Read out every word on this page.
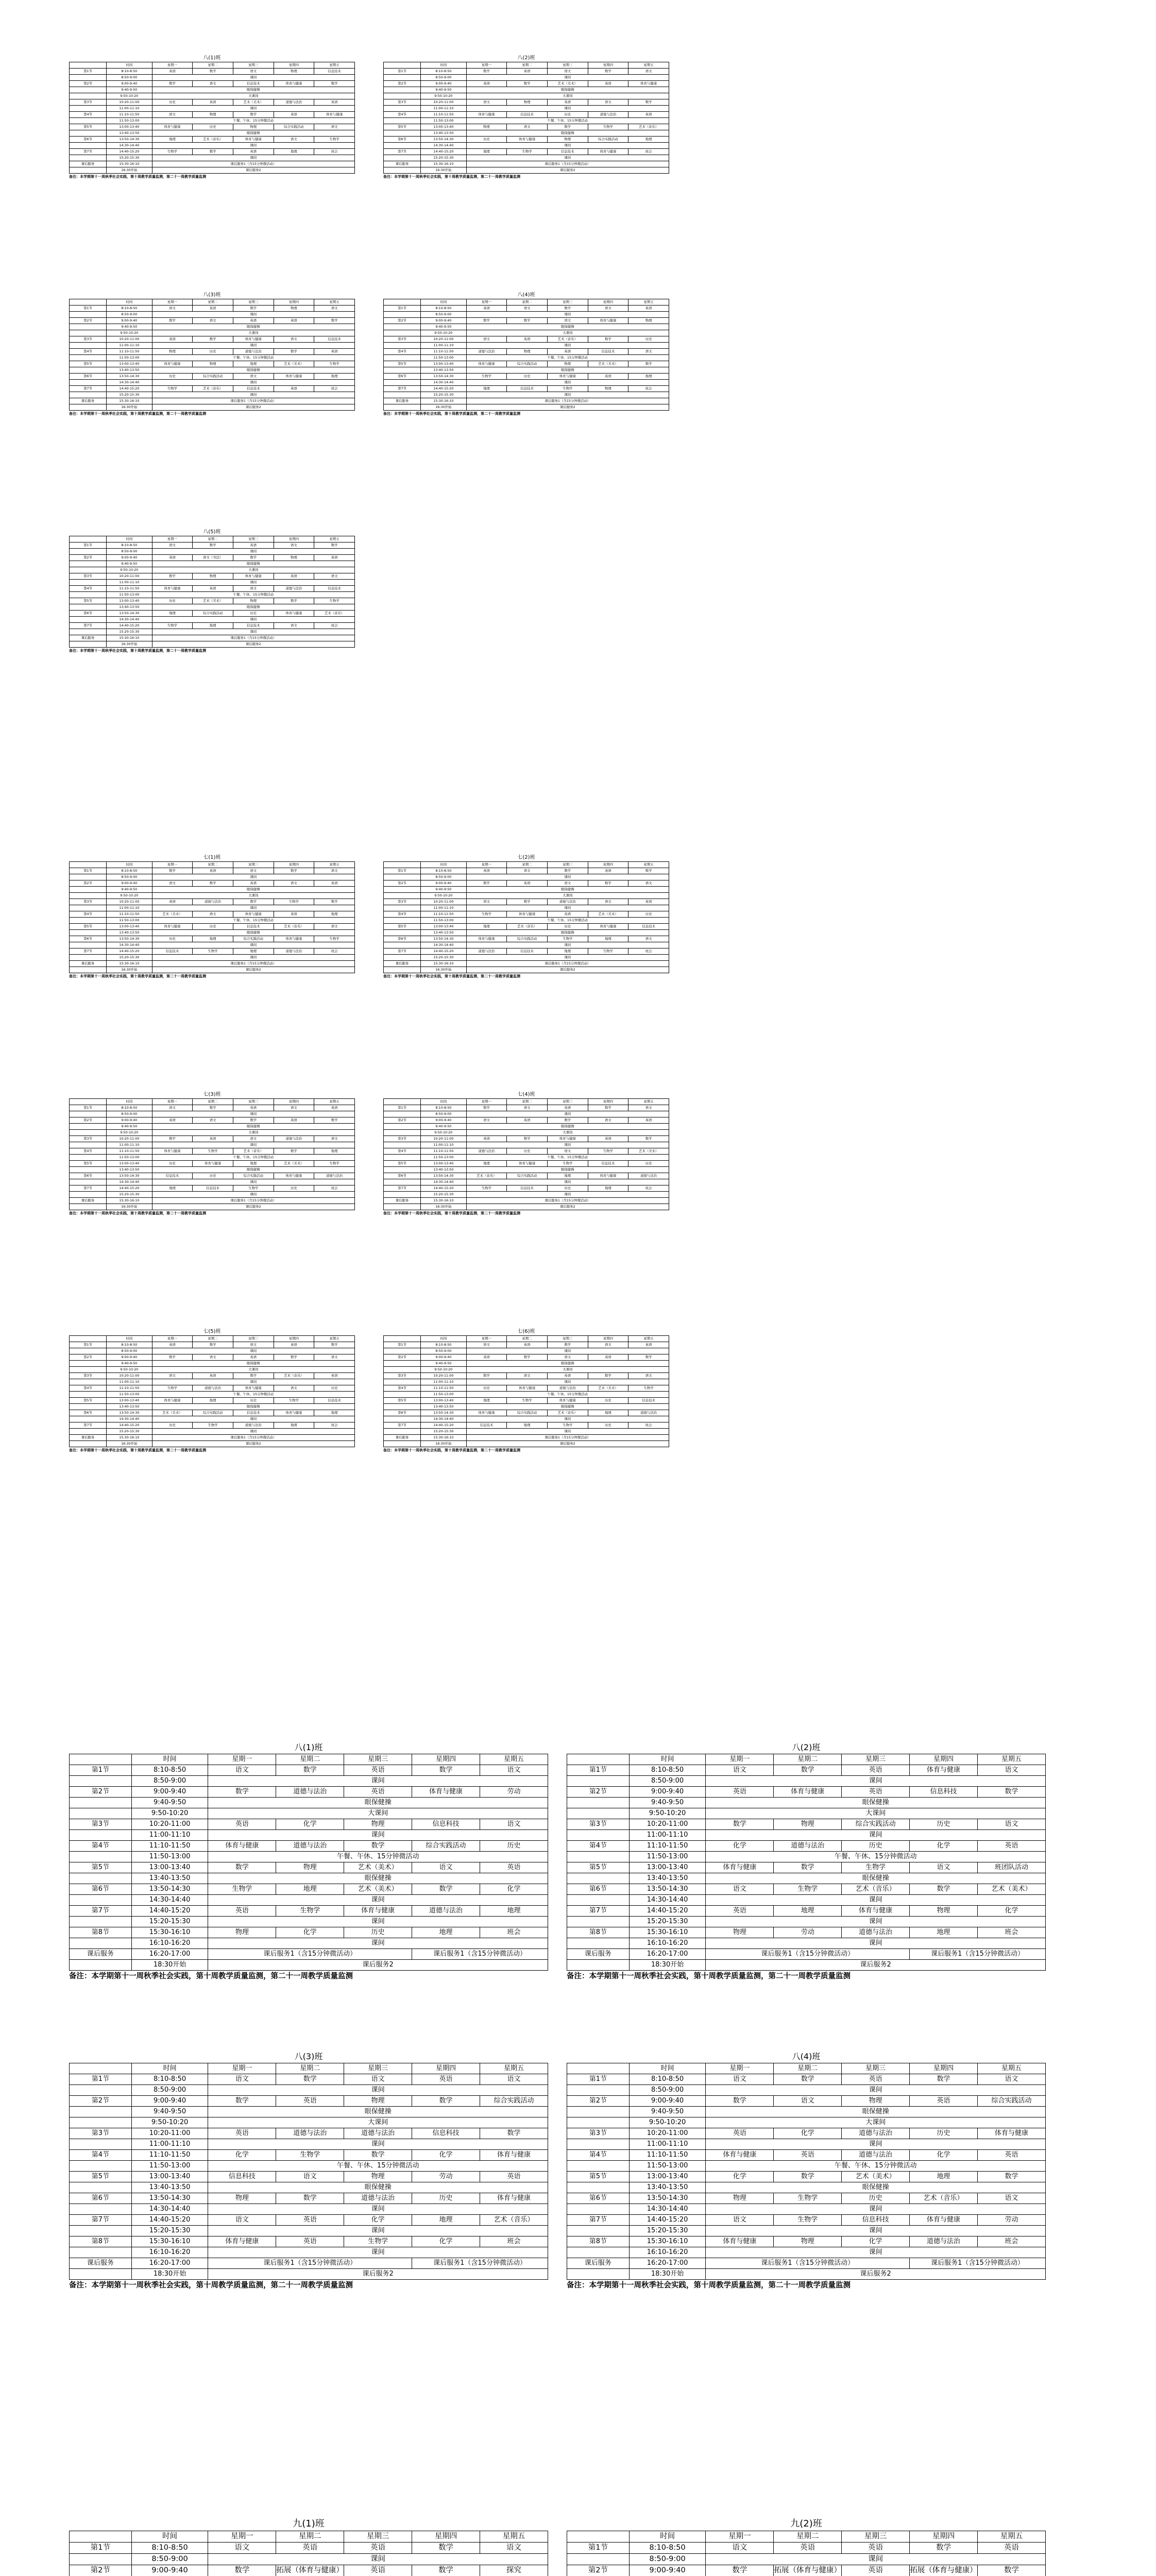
八(1)班
	时间	星期一	星期二	星期三	星期四	星期五
第1节	8:10-8:50	英语	数学	语文	物理	信息技术
	8:50-9:00	课间				
第2节	9:00-9:40	数学	语文	信息技术	体育与健康	数学
	9:40-9:50	眼保健操				
	9:50-10:20	大课间				
第3节	10:20-11:00	历史	英语	艺术（美术）	道德与法治	英语
	11:00-11:10	课间				
第4节	11:10-11:50	语文	物理	数学	英语	体育与健康
	11:50-13:00	午餐、午休、15分钟微活动				
第5节	13:00-13:40	体育与健康	历史	物理	综合实践活动	语文
	13:40-13:50	眼保健操				
第6节	13:50-14:30	地理	艺术（音乐）	体育与健康	语文	生物学
	14:30-14:40	课间				
第7节	14:40-15:20	生物学	数学	英语	地理	班会
	15:20-15:30	课间				
课后服务	15:30-16:10	课后服务1（含15分钟微活动）				
	16:30开始	课后服务2				
备注：本学期第十一周秋季社会实践，第十周教学质量监测，第二十一周教学质量监测
八(2)班
	时间	星期一	星期二	星期三	星期四	星期五
第1节	8:10-8:50	数学	英语	语文	数学	语文
	8:50-9:00	课间				
第2节	9:00-9:40	英语	数学	艺术（美术）	英语	体育与健康
	9:40-9:50	眼保健操				
	9:50-10:20	大课间				
第3节	10:20-11:00	语文	物理	英语	语文	数学
	11:00-11:10	课间				
第4节	11:10-11:50	体育与健康	信息技术	历史	道德与法治	英语
	11:50-13:00	午餐、午休、15分钟微活动				
第5节	13:00-13:40	物理	语文	数学	生物学	艺术（音乐）
	13:40-13:50	眼保健操				
第6节	13:50-14:30	历史	体育与健康	物理	综合实践活动	地理
	14:30-14:40	课间				
第7节	14:40-15:20	地理	生物学	信息技术	体育与健康	班会
	15:20-15:30	课间				
课后服务	15:30-16:10	课后服务1（含15分钟微活动）				
	16:30开始	课后服务2				
备注：本学期第十一周秋季社会实践，第十周教学质量监测，第二十一周教学质量监测
八(3)班
	时间	星期一	星期二	星期三	星期四	星期五
第1节	8:10-8:50	语文	英语	数学	物理	语文
	8:50-9:00	课间				
第2节	9:00-9:40	数学	语文	英语	英语	数学
	9:40-9:50	眼保健操				
	9:50-10:20	大课间				
第3节	10:20-11:00	英语	数学	体育与健康	语文	信息技术
	11:00-11:10	课间				
第4节	11:10-11:50	物理	历史	道德与法治	数学	英语
	11:50-13:00	午餐、午休、15分钟微活动				
第5节	13:00-13:40	体育与健康	物理	地理	艺术（美术）	生物学
	13:40-13:50	眼保健操				
第6节	13:50-14:30	历史	综合实践活动	语文	体育与健康	地理
	14:30-14:40	课间				
第7节	14:40-15:20	生物学	艺术（音乐）	信息技术	英语	班会
	15:20-15:30	课间				
课后服务	15:30-16:10	课后服务1（含15分钟微活动）				
	16:30开始	课后服务2				
备注：本学期第十一周秋季社会实践，第十周教学质量监测，第二十一周教学质量监测
八(4)班
	时间	星期一	星期二	星期三	星期四	星期五
第1节	8:10-8:50	英语	语文	数学	语文	英语
	8:50-9:00	课间				
第2节	9:00-9:40	数学	数学	语文	体育与健康	物理
	9:40-9:50	眼保健操				
	9:50-10:20	大课间				
第3节	10:20-11:00	语文	英语	艺术（音乐）	数学	历史
	11:00-11:10	课间				
第4节	11:10-11:50	道德与法治	物理	英语	信息技术	语文
	11:50-13:00	午餐、午休、15分钟微活动				
第5节	13:00-13:40	体育与健康	综合实践活动	物理	艺术（美术）	数学
	13:40-13:50	眼保健操				
第6节	13:50-14:30	生物学	历史	体育与健康	英语	地理
	14:30-14:40	课间				
第7节	14:40-15:20	地理	信息技术	生物学	物理	班会
	15:20-15:30	课间				
课后服务	15:30-16:10	课后服务1（含15分钟微活动）				
	16:30开始	课后服务2				
备注：本学期第十一周秋季社会实践，第十周教学质量监测，第二十一周教学质量监测
八(5)班
	时间	星期一	星期二	星期三	星期四	星期五
第1节	8:10-8:50	语文	数学	英语	语文	数学
	8:50-9:00	课间				
第2节	9:00-9:40	英语	语文（书法）	数学	物理	英语
	9:40-9:50	眼保健操				
	9:50-10:20	大课间				
第3节	10:20-11:00	数学	物理	体育与健康	英语	语文
	11:00-11:10	课间				
第4节	11:10-11:50	体育与健康	英语	语文	道德与法治	信息技术
	11:50-13:00	午餐、午休、15分钟微活动				
第5节	13:00-13:40	历史	艺术（美术）	物理	数学	生物学
	13:40-13:50	眼保健操				
第6节	13:50-14:30	地理	综合实践活动	历史	体育与健康	艺术（音乐）
	14:30-14:40	课间				
第7节	14:40-15:20	生物学	地理	信息技术	语文	班会
	15:20-15:30	课间				
课后服务	15:30-16:10	课后服务1（含15分钟微活动）				
	16:30开始	课后服务2				
备注：本学期第十一周秋季社会实践，第十周教学质量监测，第二十一周教学质量监测
七(1)班
	时间	星期一	星期二	星期三	星期四	星期五
第1节	8:10-8:50	数学	英语	语文	数学	语文
	8:50-9:00	课间				
第2节	9:00-9:40	语文	数学	英语	语文	英语
	9:40-9:50	眼保健操				
	9:50-10:20	大课间				
第3节	10:20-11:00	英语	道德与法治	数学	生物学	数学
	11:00-11:10	课间				
第4节	11:10-11:50	艺术（美术）	语文	体育与健康	英语	地理
	11:50-13:00	午餐、午休、15分钟微活动				
第5节	13:00-13:40	体育与健康	历史	信息技术	艺术（音乐）	语文
	13:40-13:50	眼保健操				
第6节	13:50-14:30	历史	地理	综合实践活动	体育与健康	生物学
	14:30-14:40	课间				
第7节	14:40-15:20	信息技术	生物学	地理	道德与法治	班会
	15:20-15:30	课间				
课后服务	15:30-16:10	课后服务1（含15分钟微活动）				
	16:30开始	课后服务2				
备注：本学期第十一周秋季社会实践，第十周教学质量监测，第二十一周教学质量监测
七(2)班
	时间	星期一	星期二	星期三	星期四	星期五
第1节	8:10-8:50	英语	语文	数学	英语	数学
	8:50-9:00	课间				
第2节	9:00-9:40	数学	英语	语文	数学	语文
	9:40-9:50	眼保健操				
	9:50-10:20	大课间				
第3节	10:20-11:00	语文	数学	道德与法治	语文	英语
	11:00-11:10	课间				
第4节	11:10-11:50	生物学	体育与健康	英语	艺术（美术）	历史
	11:50-13:00	午餐、午休、15分钟微活动				
第5节	13:00-13:40	地理	艺术（音乐）	历史	体育与健康	信息技术
	13:40-13:50	眼保健操				
第6节	13:50-14:30	体育与健康	综合实践活动	生物学	地理	语文
	14:30-14:40	课间				
第7节	14:40-15:20	道德与法治	信息技术	地理	生物学	班会
	15:20-15:30	课间				
课后服务	15:30-16:10	课后服务1（含15分钟微活动）				
	16:30开始	课后服务2				
备注：本学期第十一周秋季社会实践，第十周教学质量监测，第二十一周教学质量监测
七(3)班
	时间	星期一	星期二	星期三	星期四	星期五
第1节	8:10-8:50	语文	数学	英语	语文	英语
	8:50-9:00	课间				
第2节	9:00-9:40	英语	语文	数学	英语	数学
	9:40-9:50	眼保健操				
	9:50-10:20	大课间				
第3节	10:20-11:00	数学	英语	语文	道德与法治	语文
	11:00-11:10	课间				
第4节	11:10-11:50	体育与健康	生物学	艺术（音乐）	数学	地理
	11:50-13:00	午餐、午休、15分钟微活动				
第5节	13:00-13:40	历史	体育与健康	地理	艺术（美术）	生物学
	13:40-13:50	眼保健操				
第6节	13:50-14:30	信息技术	历史	综合实践活动	体育与健康	道德与法治
	14:30-14:40	课间				
第7节	14:40-15:20	地理	信息技术	生物学	历史	班会
	15:20-15:30	课间				
课后服务	15:30-16:10	课后服务1（含15分钟微活动）				
	16:30开始	课后服务2				
备注：本学期第十一周秋季社会实践，第十周教学质量监测，第二十一周教学质量监测
七(4)班
	时间	星期一	星期二	星期三	星期四	星期五
第1节	8:10-8:50	数学	语文	英语	数学	语文
	8:50-9:00	课间				
第2节	9:00-9:40	语文	英语	数学	语文	英语
	9:40-9:50	眼保健操				
	9:50-10:20	大课间				
第3节	10:20-11:00	英语	数学	体育与健康	英语	数学
	11:00-11:10	课间				
第4节	11:10-11:50	道德与法治	历史	语文	生物学	艺术（美术）
	11:50-13:00	午餐、午休、15分钟微活动				
第5节	13:00-13:40	地理	体育与健康	生物学	信息技术	历史
	13:40-13:50	眼保健操				
第6节	13:50-14:30	艺术（音乐）	综合实践活动	地理	体育与健康	道德与法治
	14:30-14:40	课间				
第7节	14:40-15:20	生物学	信息技术	历史	地理	班会
	15:20-15:30	课间				
课后服务	15:30-16:10	课后服务1（含15分钟微活动）				
	16:30开始	课后服务2				
备注：本学期第十一周秋季社会实践，第十周教学质量监测，第二十一周教学质量监测
七(5)班
	时间	星期一	星期二	星期三	星期四	星期五
第1节	8:10-8:50	英语	数学	语文	英语	数学
	8:50-9:00	课间				
第2节	9:00-9:40	数学	语文	英语	数学	语文
	9:40-9:50	眼保健操				
	9:50-10:20	大课间				
第3节	10:20-11:00	语文	英语	数学	艺术（音乐）	英语
	11:00-11:10	课间				
第4节	11:10-11:50	生物学	道德与法治	体育与健康	语文	历史
	11:50-13:00	午餐、午休、15分钟微活动				
第5节	13:00-13:40	体育与健康	地理	历史	生物学	信息技术
	13:40-13:50	眼保健操				
第6节	13:50-14:30	艺术（美术）	综合实践活动	信息技术	体育与健康	地理
	14:30-14:40	课间				
第7节	14:40-15:20	历史	生物学	道德与法治	地理	班会
	15:20-15:30	课间				
课后服务	15:30-16:10	课后服务1（含15分钟微活动）				
	16:30开始	课后服务2				
备注：本学期第十一周秋季社会实践，第十周教学质量监测，第二十一周教学质量监测
七(6)班
	时间	星期一	星期二	星期三	星期四	星期五
第1节	8:10-8:50	语文	英语	数学	语文	英语
	8:50-9:00	课间				
第2节	9:00-9:40	英语	数学	语文	英语	数学
	9:40-9:50	眼保健操				
	9:50-10:20	大课间				
第3节	10:20-11:00	数学	语文	英语	数学	语文
	11:00-11:10	课间				
第4节	11:10-11:50	历史	体育与健康	道德与法治	艺术（美术）	生物学
	11:50-13:00	午餐、午休、15分钟微活动				
第5节	13:00-13:40	地理	生物学	体育与健康	历史	信息技术
	13:40-13:50	眼保健操				
第6节	13:50-14:30	体育与健康	综合实践活动	艺术（音乐）	地理	道德与法治
	14:30-14:40	课间				
第7节	14:40-15:20	信息技术	地理	生物学	历史	班会
	15:20-15:30	课间				
课后服务	15:30-16:10	课后服务1（含15分钟微活动）				
	16:30开始	课后服务2				
备注：本学期第十一周秋季社会实践，第十周教学质量监测，第二十一周教学质量监测
八(1)班
	时间	星期一	星期二	星期三	星期四	星期五
第1节	8:10-8:50	语文	数学	英语	数学	语文
	8:50-9:00	课间				
第2节	9:00-9:40	数学	道德与法治	英语	体育与健康	劳动
	9:40-9:50	眼保健操				
	9:50-10:20	大课间				
第3节	10:20-11:00	英语	化学	物理	信息科技	语文
	11:00-11:10	课间				
第4节	11:10-11:50	体育与健康	道德与法治	数学	综合实践活动	历史
	11:50-13:00	午餐、午休、15分钟微活动				
第5节	13:00-13:40	数学	物理	艺术（美术）	语文	英语
	13:40-13:50	眼保健操				
第6节	13:50-14:30	生物学	地理	艺术（美术）	数学	化学
	14:30-14:40	课间				
第7节	14:40-15:20	英语	生物学	体育与健康	道德与法治	地理
	15:20-15:30	课间				
第8节	15:30-16:10	物理	化学	历史	地理	班会
	16:10-16:20	课间				
课后服务	16:20-17:00	课后服务1（含15分钟微活动）			课后服务1（含15分钟微活动）	
	18:30开始	课后服务2				
备注：本学期第十一周秋季社会实践，第十周教学质量监测，第二十一周教学质量监测
八(2)班
	时间	星期一	星期二	星期三	星期四	星期五
第1节	8:10-8:50	语文	数学	英语	体育与健康	语文
	8:50-9:00	课间				
第2节	9:00-9:40	英语	体育与健康	英语	信息科技	数学
	9:40-9:50	眼保健操				
	9:50-10:20	大课间				
第3节	10:20-11:00	数学	物理	综合实践活动	历史	语文
	11:00-11:10	课间				
第4节	11:10-11:50	化学	道德与法治	历史	化学	英语
	11:50-13:00	午餐、午休、15分钟微活动				
第5节	13:00-13:40	体育与健康	数学	生物学	语文	班团队活动
	13:40-13:50	眼保健操				
第6节	13:50-14:30	语文	生物学	艺术（音乐）	数学	艺术（美术）
	14:30-14:40	课间				
第7节	14:40-15:20	英语	地理	体育与健康	物理	化学
	15:20-15:30	课间				
第8节	15:30-16:10	物理	劳动	道德与法治	地理	班会
	16:10-16:20	课间				
课后服务	16:20-17:00	课后服务1（含15分钟微活动）			课后服务1（含15分钟微活动）	
	18:30开始	课后服务2				
备注：本学期第十一周秋季社会实践，第十周教学质量监测，第二十一周教学质量监测
八(3)班
	时间	星期一	星期二	星期三	星期四	星期五
第1节	8:10-8:50	语文	数学	语文	英语	语文
	8:50-9:00	课间				
第2节	9:00-9:40	数学	英语	物理	数学	综合实践活动
	9:40-9:50	眼保健操				
	9:50-10:20	大课间				
第3节	10:20-11:00	英语	道德与法治	道德与法治	信息科技	数学
	11:00-11:10	课间				
第4节	11:10-11:50	化学	生物学	数学	化学	体育与健康
	11:50-13:00	午餐、午休、15分钟微活动				
第5节	13:00-13:40	信息科技	语文	物理	劳动	英语
	13:40-13:50	眼保健操				
第6节	13:50-14:30	物理	数学	道德与法治	历史	体育与健康
	14:30-14:40	课间				
第7节	14:40-15:20	语文	英语	化学	地理	艺术（音乐）
	15:20-15:30	课间				
第8节	15:30-16:10	体育与健康	英语	生物学	化学	班会
	16:10-16:20	课间				
课后服务	16:20-17:00	课后服务1（含15分钟微活动）			课后服务1（含15分钟微活动）	
	18:30开始	课后服务2				
备注：本学期第十一周秋季社会实践，第十周教学质量监测，第二十一周教学质量监测
八(4)班
	时间	星期一	星期二	星期三	星期四	星期五
第1节	8:10-8:50	语文	数学	英语	数学	语文
	8:50-9:00	课间				
第2节	9:00-9:40	数学	语文	物理	英语	综合实践活动
	9:40-9:50	眼保健操				
	9:50-10:20	大课间				
第3节	10:20-11:00	英语	化学	道德与法治	历史	体育与健康
	11:00-11:10	课间				
第4节	11:10-11:50	体育与健康	英语	道德与法治	化学	英语
	11:50-13:00	午餐、午休、15分钟微活动				
第5节	13:00-13:40	化学	数学	艺术（美术）	地理	数学
	13:40-13:50	眼保健操				
第6节	13:50-14:30	物理	生物学	历史	艺术（音乐）	语文
	14:30-14:40	课间				
第7节	14:40-15:20	语文	生物学	信息科技	体育与健康	劳动
	15:20-15:30	课间				
第8节	15:30-16:10	体育与健康	物理	化学	道德与法治	班会
	16:10-16:20	课间				
课后服务	16:20-17:00	课后服务1（含15分钟微活动）			课后服务1（含15分钟微活动）	
	18:30开始	课后服务2				
备注：本学期第十一周秋季社会实践，第十周教学质量监测，第二十一周教学质量监测
九(1)班
	时间	星期一	星期二	星期三	星期四	星期五
第1节	8:10-8:50	语文	英语	英语	数学	语文
	8:50-9:00	课间				
第2节	9:00-9:40	数学	拓展（体育与健康）	英语	数学	探究

九(2)班
	时间	星期一	星期二	星期三	星期四	星期五
第1节	8:10-8:50	语文	英语	英语	数学	英语
	8:50-9:00	课间				
第2节	9:00-9:40	数学	拓展（体育与健康）	英语	拓展（体育与健康）	数学
